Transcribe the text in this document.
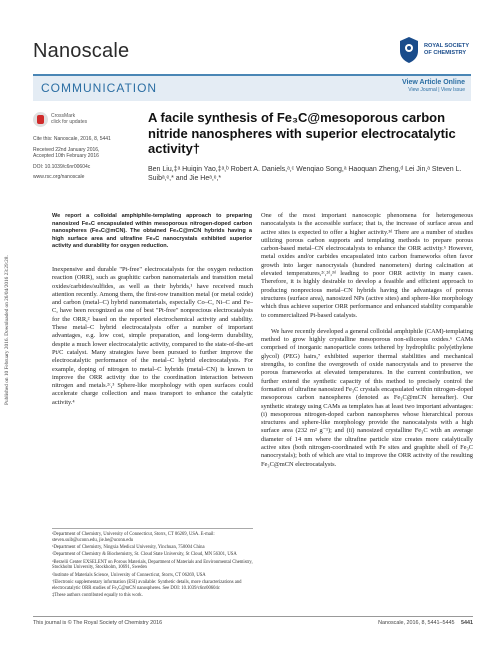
Published on 10 February 2016. Downloaded on 26/04/2016 23:29:28.
Nanoscale	ROYAL SOCIETY
OF CHEMISTRY
COMMUNICATION	View Article Online
View Journal | View Issue
CrossMark
click for updates
Cite this: Nanoscale, 2016, 8, 5441
Received 22nd January 2016,
Accepted 10th February 2016
DOI: 10.1039/c6nr00604c
www.rsc.org/nanoscale
A facile synthesis of Fe₃C@mesoporous carbon nitride nanospheres with superior electrocatalytic activity†
Ben Liu,‡ᵃ Huiqin Yao,‡ᵃ,ᵇ Robert A. Daniels,ᵃ,ᶜ Wenqiao Song,ᵃ Haoquan Zheng,ᵈ Lei Jin,ᵃ Steven L. Suibᵃ,ᵉ,* and Jie Heᵃ,ᵉ,*
We report a colloidal amphiphile-templating approach to preparing nanosized Fe₃C encapsulated within mesoporous nitrogen-doped carbon nanospheres (Fe₃C@mCN). The obtained Fe₃C@mCN hybrids having a high surface area and ultrafine Fe₃C nanocrystals exhibited superior activity and durability for oxygen reduction.

Inexpensive and durable "Pt-free" electrocatalysts for the oxygen reduction reaction (ORR), such as graphitic carbon nanomaterials and transition metal oxides/carbides/sulfides, as well as their hybrids,¹ have received much attention recently. Among them, the first-row transition metal (or metal oxide) and carbon (metal–C) hybrid nanomaterials, especially Co–C, Ni–C and Fe–C, have been recognized as one of best "Pt-free" nonprecious electrocatalysts for the ORR,² based on the reported electrochemical activity and stability. These metal–C hybrid electrocatalysts offer a number of important advantages, e.g. low cost, simple preparation, and long-term durability, despite a much lower electrocatalytic activity, compared to the state-of-the-art Pt/C catalyst. Many strategies have been pursued to further improve the electrocatalytic performance of the metal–C hybrid electrocatalysts. For example, doping of nitrogen to metal–C hybrids (metal–CN) is known to improve the ORR activity due to the coordination interaction between nitrogen and metals.²ᶜ,³ Sphere-like morphology with open surfaces could accelerate charge collection and mass transport to enhance the catalytic activity.⁴

One of the most important nanoscopic phenomena for heterogeneous nanocatalysts is the accessible surface; that is, the increase of surface areas and active sites is expected to offer a higher activity.³ᵈ There are a number of studies utilizing porous carbon supports and templating methods to prepare porous carbon-based metal–CN electrocatalysts to enhance the ORR activity.⁵ However, metal oxides and/or carbides encapsulated into carbon frameworks often favor growth into larger nanocrystals (hundred nanometers) during calcination at elevated temperatures,²ᶜ,²ᵈ,³ᵈ leading to poor ORR activity in many cases. Therefore, it is highly desirable to develop a feasible and efficient approach to producing nonprecious metal–CN hybrids having the advantages of porous structures (surface area), nanosized NPs (active sites) and sphere-like morphology which thus achieve superior ORR performance and enhanced stability comparable to commercialized Pt-based catalysts.

We have recently developed a general colloidal amphiphile (CAM)-templating method to grow highly crystalline mesoporous non-siliceous oxides.⁶ CAMs comprised of inorganic nanoparticle cores tethered by hydrophilic poly(ethylene glycol) (PEG) hairs,⁷ exhibited superior thermal stabilities and mechanical strengths, to confine the overgrowth of oxide nanocrystals and to preserve the porous frameworks at elevated temperatures. In the current contribution, we further extend the synthetic capacity of this method to precisely control the formation of ultrafine nanosized Fe₃C crystals encapsulated within nitrogen-doped mesoporous carbon nanospheres (denoted as Fe₃C@mCN hereafter). Our synthetic strategy using CAMs as templates has at least two important advantages: (i) mesoporous nitrogen-doped carbon nanospheres whose hierarchical porous structures and sphere-like morphology provide the nanocatalysts with a high surface area (232 m² g⁻¹); and (ii) nanosized crystalline Fe₃C with an average diameter of 14 nm where the ultrafine particle size creates more catalytically active sites (both nitrogen-coordinated with Fe sites and graphite shell of Fe₃C nanocrystals); both of which are vital to improve the ORR activity of the resulting Fe₃C@mCN electrocatalysts.

ᵃDepartment of Chemistry, University of Connecticut, Storrs, CT 06269, USA. E-mail: steven.suib@uconn.edu, jie.he@uconn.edu
ᵇDepartment of Chemistry, Ningxia Medical University, Yinchuan, 750004 China
ᶜDepartment of Chemistry & Biochemistry, St. Cloud State University, St Cloud, MN 56301, USA
ᵈBerzelii Center EXSELENT on Porous Materials, Department of Materials and Environmental Chemistry, Stockholm University, Stockholm, 10691, Sweden
ᵉInstitute of Materials Science, University of Connecticut, Storrs, CT 06269, USA
†Electronic supplementary information (ESI) available: Synthetic details, more characterizations and electrocatalytic ORR studies of Fe₃C@mCN nanospheres. See DOI: 10.1039/c6nr00604c
‡These authors contributed equally to this work.
This journal is © The Royal Society of Chemistry 2016	Nanoscale, 2016, 8, 5441–5445 5441
